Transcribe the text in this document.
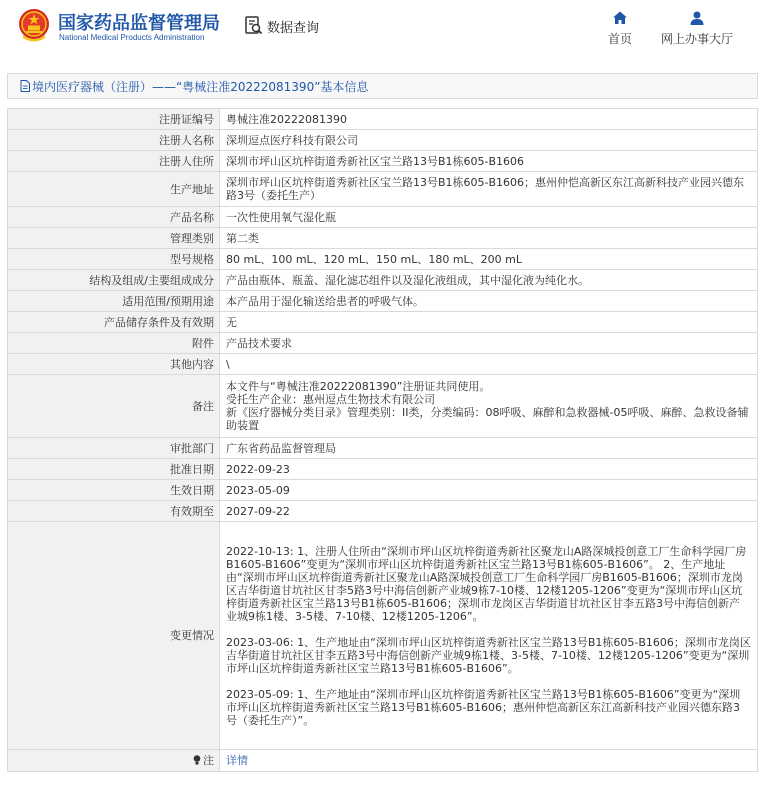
国家药品监督管理局
National Medical Products Administration
数据查询
首页 网上办事大厅
境内医疗器械（注册）——“粤械注准20222081390”基本信息
注册证编号	粤械注准20222081390
注册人名称	深圳逗点医疗科技有限公司
注册人住所	深圳市坪山区坑梓街道秀新社区宝兰路13号B1栋605-B1606
生产地址	深圳市坪山区坑梓街道秀新社区宝兰路13号B1栋605-B1606；惠州仲恺高新区东江高新科技产业园兴德东路3号（委托生产）
产品名称	一次性使用氧气湿化瓶
管理类别	第二类
型号规格	80 mL、100 mL、120 mL、150 mL、180 mL、200 mL
结构及组成/主要组成成分	产品由瓶体、瓶盖、湿化滤芯组件以及湿化液组成，其中湿化液为纯化水。
适用范围/预期用途	本产品用于湿化输送给患者的呼吸气体。
产品储存条件及有效期	无
附件	产品技术要求
其他内容	\
备注	本文件与“粤械注准20222081390”注册证共同使用。
受托生产企业：惠州逗点生物技术有限公司
新《医疗器械分类目录》管理类别：II类，分类编码：08呼吸、麻醉和急救器械-05呼吸、麻醉、急救设备辅助装置

审批部门	广东省药品监督管理局
批准日期	2022-09-23
生效日期	2023-05-09
有效期至	2027-09-22
变更情况	2022-10-13: 1、注册人住所由“深圳市坪山区坑梓街道秀新社区聚龙山A路深城投创意工厂生命科学园厂房B1605-B1606”变更为“深圳市坪山区坑梓街道秀新社区宝兰路13号B1栋605-B1606”。 2、生产地址由“深圳市坪山区坑梓街道秀新社区聚龙山A路深城投创意工厂生命科学园厂房B1605-B1606；深圳市龙岗区吉华街道甘坑社区甘李5路3号中海信创新产业城9栋7-10楼、12楼1205-1206”变更为“深圳市坪山区坑梓街道秀新社区宝兰路13号B1栋605-B1606；深圳市龙岗区吉华街道甘坑社区甘李五路3号中海信创新产业城9栋1楼、3-5楼、7-10楼、12楼1205-1206”。
2023-03-06: 1、生产地址由“深圳市坪山区坑梓街道秀新社区宝兰路13号B1栋605-B1606；深圳市龙岗区吉华街道甘坑社区甘李五路3号中海信创新产业城9栋1楼、3-5楼、7-10楼、12楼1205-1206”变更为“深圳市坪山区坑梓街道秀新社区宝兰路13号B1栋605-B1606”。
2023-05-09: 1、生产地址由“深圳市坪山区坑梓街道秀新社区宝兰路13号B1栋605-B1606”变更为“深圳市坪山区坑梓街道秀新社区宝兰路13号B1栋605-B1606；惠州仲恺高新区东江高新科技产业园兴德东路3号（委托生产）”。

注	详情
